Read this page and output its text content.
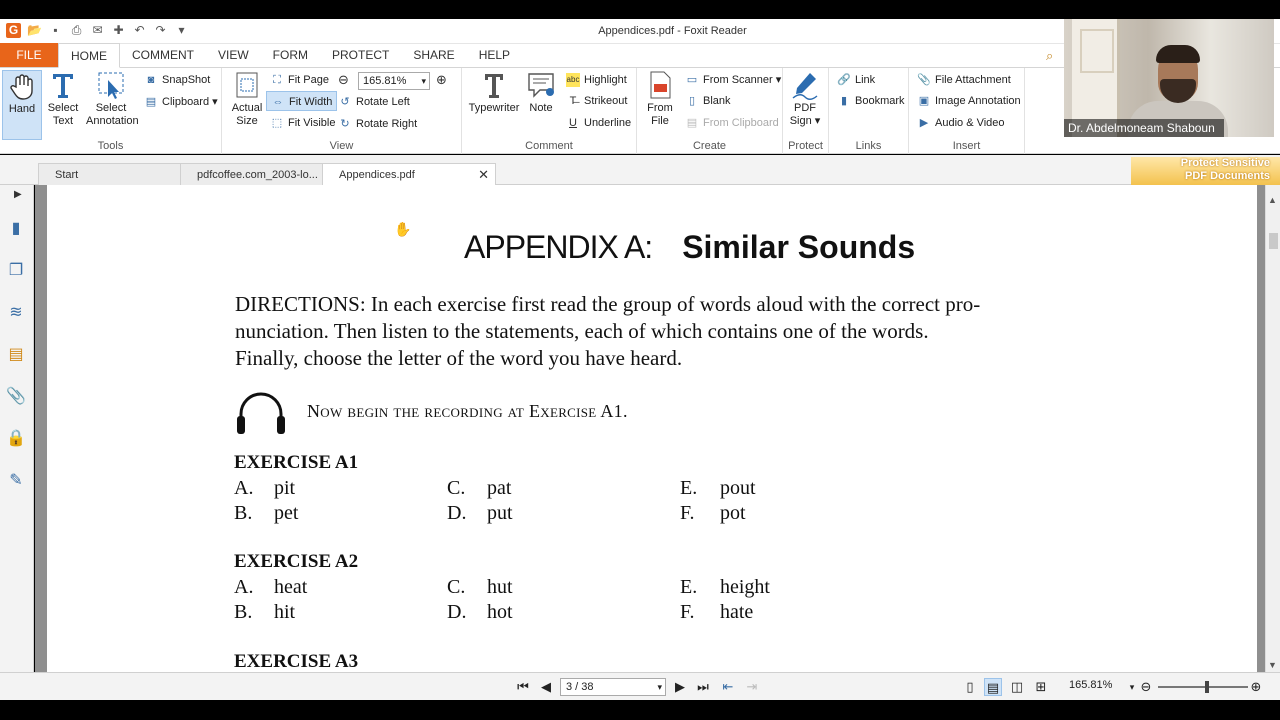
G 📂 ▪	⎙ ✉ ✚ ↶ ↷	▾	Appendices.pdf - Foxit Reader
FILE	HOME	COMMENT	VIEW	FORM	PROTECT	SHARE	HELP	⌕
Hand	Select Text
Select Annotation
◙ SnapShot
▤ Clipboard ▾
Tools
Actual Size
⛶ Fit Page
⇔ Fit Width
⬚ Fit Visible
⊖	165.81% ▾	⊕
↺ Rotate Left
↻ Rotate Right
View
Typewriter Note
abc Highlight
T̶ Strikeout
U Underline
Comment
From File
▭ From Scanner ▾
▯ Blank
▤ From Clipboard
Create
PDF Sign ▾
Protect
🔗 Link
▮ Bookmark
Links
📎 File Attachment
▣ Image Annotation
▶ Audio & Video
Insert
Dr. Abdelmoneam Shaboun
Start	pdfcoffee.com_2003-lo...	Appendices.pdf	✕
Protect Sensitive
PDF Documents
▶
▮
❐
≋
▤
📎
🔒
✎
✋ APPENDIX A: Similar Sounds
DIRECTIONS: In each exercise first read the group of words aloud with the correct pro-
nunciation. Then listen to the statements, each of which contains one of the words.
Finally, choose the letter of the word you have heard.
Now begin the recording at Exercise A1.
EXERCISE A1
A. pit
B. pet
C. pat
D. put
E. pout
F. pot
EXERCISE A2
A. heat
B. hit
C. hut
D. hot
E. height
F. hate
EXERCISE A3
▲
▼
⏮ ◀	3 / 38 ▾	▶ ⏭ ⇤ ⇥	▯	▤ ◫ ⊞	165.81%	▾ ⊖	⊕
